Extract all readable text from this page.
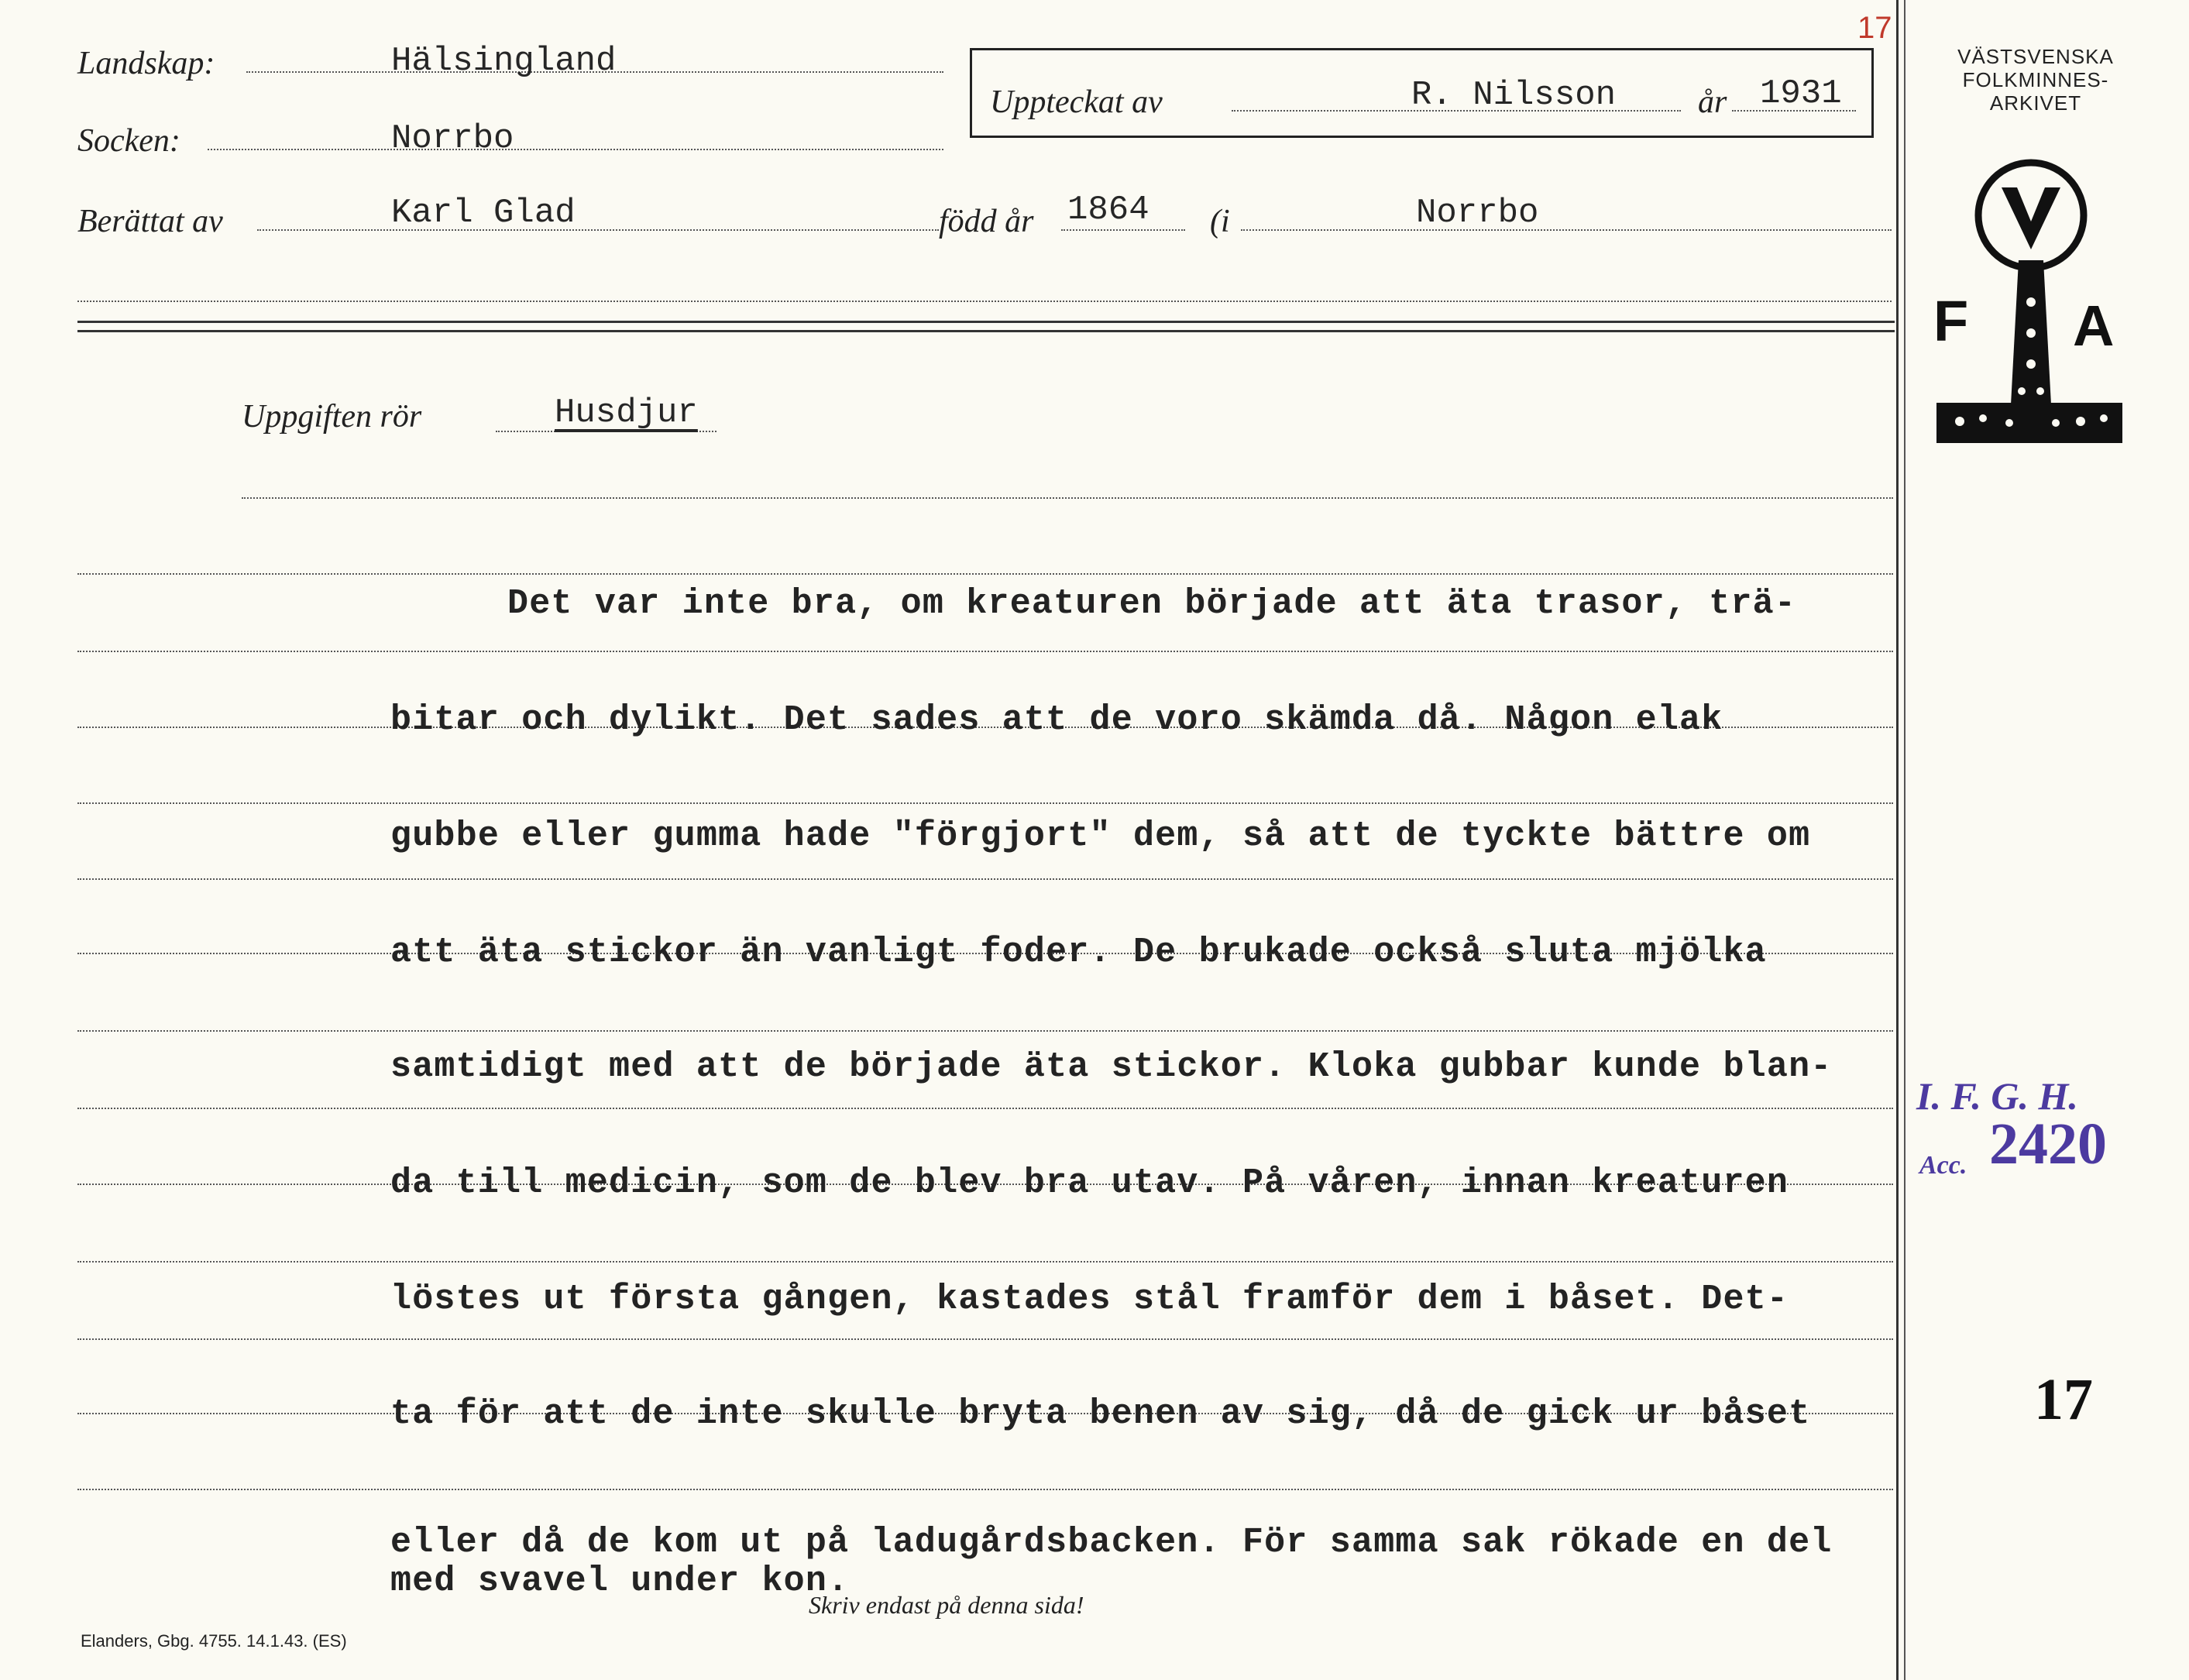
Landskap:	Hälsingland
Socken:	Norrbo
Uppteckat av	R. Nilsson	år 1931
17
Berättat av	Karl Glad	född år 1864 (i	Norrbo
VÄSTSVENSKA
FOLKMINNES-
ARKIVET
F A
Uppgiften rör	Husdjur
Det var inte bra, om kreaturen började att äta trasor, trä-
bitar och dylikt. Det sades att de voro skämda då. Någon elak
gubbe eller gumma hade "förgjort" dem, så att de tyckte bättre om
att äta stickor än vanligt foder. De brukade också sluta mjölka
samtidigt med att de började äta stickor. Kloka gubbar kunde blan-
da till medicin, som de blev bra utav. På våren, innan kreaturen
löstes ut första gången, kastades stål framför dem i båset. Det-
ta för att de inte skulle bryta benen av sig, då de gick ur båset
eller då de kom ut på ladugårdsbacken. För samma sak rökade en del
med svavel under kon.
I. F. G. H.
Acc. 2420
17
Elanders, Gbg. 4755. 14.1.43. (ES)
Skriv endast på denna sida!
